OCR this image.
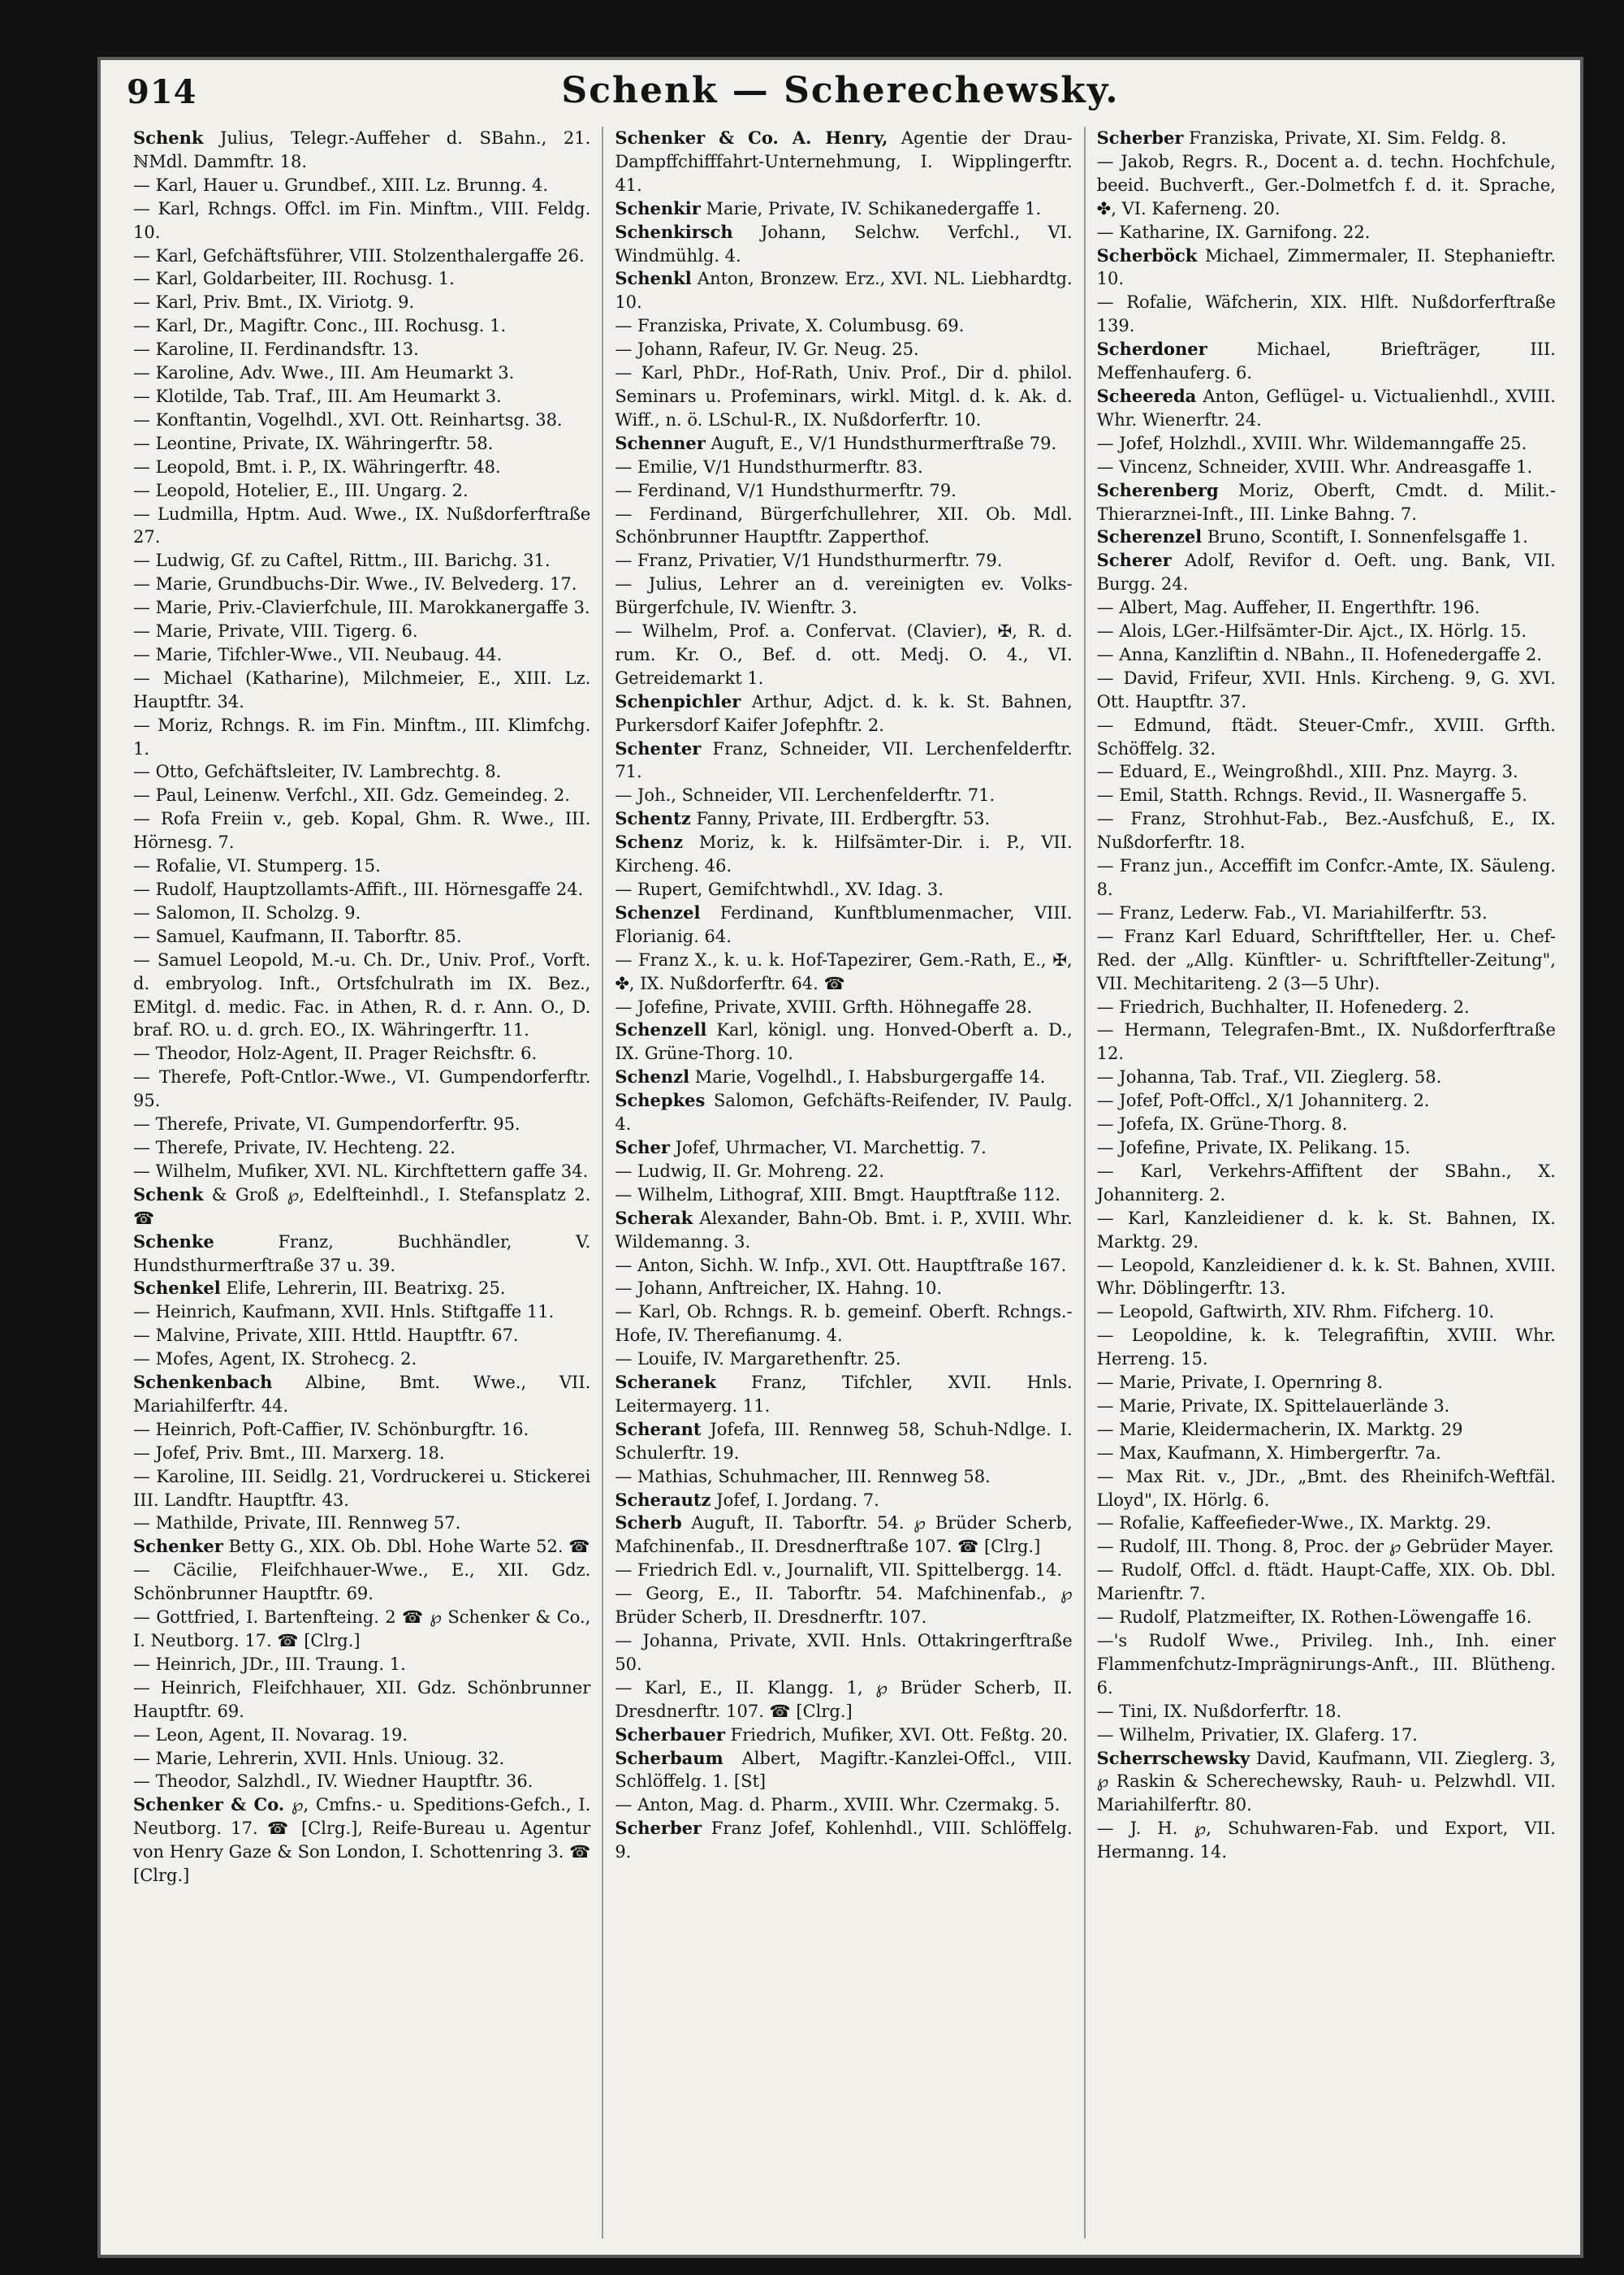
914	Schenk — Scherechewsky.

Schenk Julius, Telegr.-Auffeher d. SBahn., 21. ℕMdl. Dammftr. 18.

— Karl, Hauer u. Grundbef., XIII. Lz. Brunng. 4.

— Karl, Rchngs. Offcl. im Fin. Minftm., VIII. Feldg. 10.

— Karl, Gefchäftsführer, VIII. Stolzenthalergaffe 26.

— Karl, Goldarbeiter, III. Rochusg. 1.

— Karl, Priv. Bmt., IX. Viriotg. 9.

— Karl, Dr., Magiftr. Conc., III. Rochusg. 1.

— Karoline, II. Ferdinandsftr. 13.

— Karoline, Adv. Wwe., III. Am Heumarkt 3.

— Klotilde, Tab. Traf., III. Am Heumarkt 3.

— Konftantin, Vogelhdl., XVI. Ott. Reinhartsg. 38.

— Leontine, Private, IX. Währingerftr. 58.

— Leopold, Bmt. i. P., IX. Währingerftr. 48.

— Leopold, Hotelier, E., III. Ungarg. 2.

— Ludmilla, Hptm. Aud. Wwe., IX. Nußdorferftraße 27.

— Ludwig, Gf. zu Caftel, Rittm., III. Barichg. 31.

— Marie, Grundbuchs-Dir. Wwe., IV. Belvederg. 17.

— Marie, Priv.-Clavierfchule, III. Marokkanergaffe 3.

— Marie, Private, VIII. Tigerg. 6.

— Marie, Tifchler-Wwe., VII. Neubaug. 44.

— Michael (Katharine), Milchmeier, E., XIII. Lz. Hauptftr. 34.

— Moriz, Rchngs. R. im Fin. Minftm., III. Klimfchg. 1.

— Otto, Gefchäftsleiter, IV. Lambrechtg. 8.

— Paul, Leinenw. Verfchl., XII. Gdz. Gemeindeg. 2.

— Rofa Freiin v., geb. Kopal, Ghm. R. Wwe., III. Hörnesg. 7.

— Rofalie, VI. Stumperg. 15.

— Rudolf, Hauptzollamts-Affift., III. Hörnesgaffe 24.

— Salomon, II. Scholzg. 9.

— Samuel, Kaufmann, II. Taborftr. 85.

— Samuel Leopold, M.-u. Ch. Dr., Univ. Prof., Vorft. d. embryolog. Inft., Ortsfchulrath im IX. Bez., EMitgl. d. medic. Fac. in Athen, R. d. r. Ann. O., D. braf. RO. u. d. grch. EO., IX. Währingerftr. 11.

— Theodor, Holz-Agent, II. Prager Reichsftr. 6.

— Therefe, Poft-Cntlor.-Wwe., VI. Gumpendorferftr. 95.

— Therefe, Private, VI. Gumpendorferftr. 95.

— Therefe, Private, IV. Hechteng. 22.

— Wilhelm, Mufiker, XVI. NL. Kirchftettern gaffe 34.

Schenk & Groß ℘, Edelfteinhdl., I. Stefansplatz 2. ☎

Schenke Franz, Buchhändler, V. Hundsthurmerftraße 37 u. 39.

Schenkel Elife, Lehrerin, III. Beatrixg. 25.

— Heinrich, Kaufmann, XVII. Hnls. Stiftgaffe 11.

— Malvine, Private, XIII. Httld. Hauptftr. 67.

— Mofes, Agent, IX. Strohecg. 2.

Schenkenbach Albine, Bmt. Wwe., VII. Mariahilferftr. 44.

— Heinrich, Poft-Caffier, IV. Schönburgftr. 16.

— Jofef, Priv. Bmt., III. Marxerg. 18.

— Karoline, III. Seidlg. 21, Vordruckerei u. Stickerei III. Landftr. Hauptftr. 43.

— Mathilde, Private, III. Rennweg 57.

Schenker Betty G., XIX. Ob. Dbl. Hohe Warte 52. ☎

— Cäcilie, Fleifchhauer-Wwe., E., XII. Gdz. Schönbrunner Hauptftr. 69.

— Gottfried, I. Bartenfteing. 2 ☎ ℘ Schenker & Co., I. Neutborg. 17. ☎ [Clrg.]

— Heinrich, JDr., III. Traung. 1.

— Heinrich, Fleifchhauer, XII. Gdz. Schönbrunner Hauptftr. 69.

— Leon, Agent, II. Novarag. 19.

— Marie, Lehrerin, XVII. Hnls. Unioug. 32.

— Theodor, Salzhdl., IV. Wiedner Hauptftr. 36.

Schenker & Co. ℘, Cmfns.- u. Speditions-Gefch., I. Neutborg. 17. ☎ [Clrg.], Reife-Bureau u. Agentur von Henry Gaze & Son London, I. Schottenring 3. ☎ [Clrg.]

Schenker & Co. A. Henry, Agentie der Drau-Dampffchifffahrt-Unternehmung, I. Wipplingerftr. 41.

Schenkir Marie, Private, IV. Schikanedergaffe 1.

Schenkirsch Johann, Selchw. Verfchl., VI. Windmühlg. 4.

Schenkl Anton, Bronzew. Erz., XVI. NL. Liebhardtg. 10.

— Franziska, Private, X. Columbusg. 69.

— Johann, Rafeur, IV. Gr. Neug. 25.

— Karl, PhDr., Hof-Rath, Univ. Prof., Dir d. philol. Seminars u. Profeminars, wirkl. Mitgl. d. k. Ak. d. Wiff., n. ö. LSchul-R., IX. Nußdorferftr. 10.

Schenner Auguft, E., V/1 Hundsthurmerftraße 79.

— Emilie, V/1 Hundsthurmerftr. 83.

— Ferdinand, V/1 Hundsthurmerftr. 79.

— Ferdinand, Bürgerfchullehrer, XII. Ob. Mdl. Schönbrunner Hauptftr. Zapperthof.

— Franz, Privatier, V/1 Hundsthurmerftr. 79.

— Julius, Lehrer an d. vereinigten ev. Volks-Bürgerfchule, IV. Wienftr. 3.

— Wilhelm, Prof. a. Confervat. (Clavier), ✠, R. d. rum. Kr. O., Bef. d. ott. Medj. O. 4., VI. Getreidemarkt 1.

Schenpichler Arthur, Adjct. d. k. k. St. Bahnen, Purkersdorf Kaifer Jofephftr. 2.

Schenter Franz, Schneider, VII. Lerchenfelderftr. 71.

— Joh., Schneider, VII. Lerchenfelderftr. 71.

Schentz Fanny, Private, III. Erdbergftr. 53.

Schenz Moriz, k. k. Hilfsämter-Dir. i. P., VII. Kircheng. 46.

— Rupert, Gemifchtwhdl., XV. Idag. 3.

Schenzel Ferdinand, Kunftblumenmacher, VIII. Florianig. 64.

— Franz X., k. u. k. Hof-Tapezirer, Gem.-Rath, E., ✠, ✤, IX. Nußdorferftr. 64. ☎

— Jofefine, Private, XVIII. Grfth. Höhnegaffe 28.

Schenzell Karl, königl. ung. Honved-Oberft a. D., IX. Grüne-Thorg. 10.

Schenzl Marie, Vogelhdl., I. Habsburgergaffe 14.

Schepkes Salomon, Gefchäfts-Reifender, IV. Paulg. 4.

Scher Jofef, Uhrmacher, VI. Marchettig. 7.

— Ludwig, II. Gr. Mohreng. 22.

— Wilhelm, Lithograf, XIII. Bmgt. Hauptftraße 112.

Scherak Alexander, Bahn-Ob. Bmt. i. P., XVIII. Whr. Wildemanng. 3.

— Anton, Sichh. W. Infp., XVI. Ott. Hauptftraße 167.

— Johann, Anftreicher, IX. Hahng. 10.

— Karl, Ob. Rchngs. R. b. gemeinf. Oberft. Rchngs.-Hofe, IV. Therefianumg. 4.

— Louife, IV. Margarethenftr. 25.

Scheranek Franz, Tifchler, XVII. Hnls. Leitermayerg. 11.

Scherant Jofefa, III. Rennweg 58, Schuh-Ndlge. I. Schulerftr. 19.

— Mathias, Schuhmacher, III. Rennweg 58.

Scherautz Jofef, I. Jordang. 7.

Scherb Auguft, II. Taborftr. 54. ℘ Brüder Scherb, Mafchinenfab., II. Dresdnerftraße 107. ☎ [Clrg.]

— Friedrich Edl. v., Journalift, VII. Spittelbergg. 14.

— Georg, E., II. Taborftr. 54. Mafchinenfab., ℘ Brüder Scherb, II. Dresdnerftr. 107.

— Johanna, Private, XVII. Hnls. Ottakringerftraße 50.

— Karl, E., II. Klangg. 1, ℘ Brüder Scherb, II. Dresdnerftr. 107. ☎ [Clrg.]

Scherbauer Friedrich, Mufiker, XVI. Ott. Feßtg. 20.

Scherbaum Albert, Magiftr.-Kanzlei-Offcl., VIII. Schlöffelg. 1. [St]

— Anton, Mag. d. Pharm., XVIII. Whr. Czermakg. 5.

Scherber Franz Jofef, Kohlenhdl., VIII. Schlöffelg. 9.

Scherber Franziska, Private, XI. Sim. Feldg. 8.

— Jakob, Regrs. R., Docent a. d. techn. Hochfchule, beeid. Buchverft., Ger.-Dolmetfch f. d. it. Sprache, ✤, VI. Kaferneng. 20.

— Katharine, IX. Garnifong. 22.

Scherböck Michael, Zimmermaler, II. Stephanieftr. 10.

— Rofalie, Wäfcherin, XIX. Hlft. Nußdorferftraße 139.

Scherdoner Michael, Briefträger, III. Meffenhauferg. 6.

Scheereda Anton, Geflügel- u. Victualienhdl., XVIII. Whr. Wienerftr. 24.

— Jofef, Holzhdl., XVIII. Whr. Wildemanngaffe 25.

— Vincenz, Schneider, XVIII. Whr. Andreasgaffe 1.

Scherenberg Moriz, Oberft, Cmdt. d. Milit.-Thierarznei-Inft., III. Linke Bahng. 7.

Scherenzel Bruno, Scontift, I. Sonnenfelsgaffe 1.

Scherer Adolf, Revifor d. Oeft. ung. Bank, VII. Burgg. 24.

— Albert, Mag. Auffeher, II. Engerthftr. 196.

— Alois, LGer.-Hilfsämter-Dir. Ajct., IX. Hörlg. 15.

— Anna, Kanzliftin d. NBahn., II. Hofenedergaffe 2.

— David, Frifeur, XVII. Hnls. Kircheng. 9, G. XVI. Ott. Hauptftr. 37.

— Edmund, ftädt. Steuer-Cmfr., XVIII. Grfth. Schöffelg. 32.

— Eduard, E., Weingroßhdl., XIII. Pnz. Mayrg. 3.

— Emil, Statth. Rchngs. Revid., II. Wasnergaffe 5.

— Franz, Strohhut-Fab., Bez.-Ausfchuß, E., IX. Nußdorferftr. 18.

— Franz jun., Acceffift im Confcr.-Amte, IX. Säuleng. 8.

— Franz, Lederw. Fab., VI. Mariahilferftr. 53.

— Franz Karl Eduard, Schriftfteller, Her. u. Chef-Red. der „Allg. Künftler- u. Schriftfteller-Zeitung", VII. Mechitariteng. 2 (3—5 Uhr).

— Friedrich, Buchhalter, II. Hofenederg. 2.

— Hermann, Telegrafen-Bmt., IX. Nußdorferftraße 12.

— Johanna, Tab. Traf., VII. Zieglerg. 58.

— Jofef, Poft-Offcl., X/1 Johanniterg. 2.

— Jofefa, IX. Grüne-Thorg. 8.

— Jofefine, Private, IX. Pelikang. 15.

— Karl, Verkehrs-Affiftent der SBahn., X. Johanniterg. 2.

— Karl, Kanzleidiener d. k. k. St. Bahnen, IX. Marktg. 29.

— Leopold, Kanzleidiener d. k. k. St. Bahnen, XVIII. Whr. Döblingerftr. 13.

— Leopold, Gaftwirth, XIV. Rhm. Fifcherg. 10.

— Leopoldine, k. k. Telegrafiftin, XVIII. Whr. Herreng. 15.

— Marie, Private, I. Opernring 8.

— Marie, Private, IX. Spittelauerlände 3.

— Marie, Kleidermacherin, IX. Marktg. 29

— Max, Kaufmann, X. Himbergerftr. 7a.

— Max Rit. v., JDr., „Bmt. des Rheinifch-Weftfäl. Lloyd", IX. Hörlg. 6.

— Rofalie, Kaffeefieder-Wwe., IX. Marktg. 29.

— Rudolf, III. Thong. 8, Proc. der ℘ Gebrüder Mayer.

— Rudolf, Offcl. d. ftädt. Haupt-Caffe, XIX. Ob. Dbl. Marienftr. 7.

— Rudolf, Platzmeifter, IX. Rothen-Löwengaffe 16.

—'s Rudolf Wwe., Privileg. Inh., Inh. einer Flammenfchutz-Imprägnirungs-Anft., III. Blütheng. 6.

— Tini, IX. Nußdorferftr. 18.

— Wilhelm, Privatier, IX. Glaferg. 17.

Scherrschewsky David, Kaufmann, VII. Zieglerg. 3, ℘ Raskin & Scherechewsky, Rauh- u. Pelzwhdl. VII. Mariahilferftr. 80.

— J. H. ℘, Schuhwaren-Fab. und Export, VII. Hermanng. 14.
